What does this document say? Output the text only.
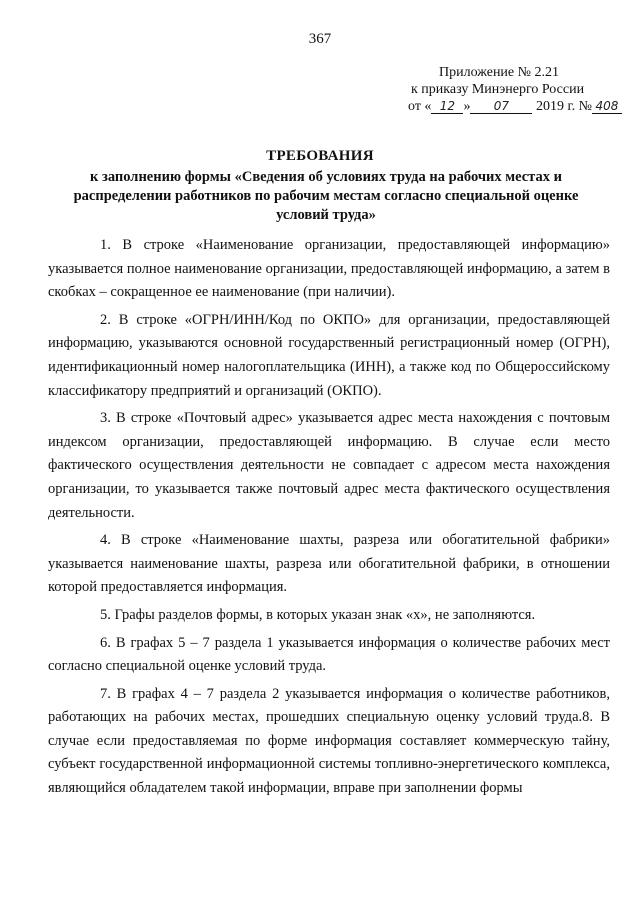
367
Приложение № 2.21
к приказу Минэнерго России
от « 12 » 07 2019 г. № 408
ТРЕБОВАНИЯ
к заполнению формы «Сведения об условиях труда на рабочих местах и распределении работников по рабочим местам согласно специальной оценке условий труда»

1. В строке «Наименование организации, предоставляющей информацию» указывается полное наименование организации, предоставляющей информацию, а затем в скобках – сокращенное ее наименование (при наличии).

2. В строке «ОГРН/ИНН/Код по ОКПО» для организации, предоставляющей информацию, указываются основной государственный регистрационный номер (ОГРН), идентификационный номер налогоплательщика (ИНН), а также код по Общероссийскому классификатору предприятий и организаций (ОКПО).

3. В строке «Почтовый адрес» указывается адрес места нахождения с почтовым индексом организации, предоставляющей информацию. В случае если место фактического осуществления деятельности не совпадает с адресом места нахождения организации, то указывается также почтовый адрес места фактического осуществления деятельности.

4. В строке «Наименование шахты, разреза или обогатительной фабрики» указывается наименование шахты, разреза или обогатительной фабрики, в отношении которой предоставляется информация.

5. Графы разделов формы, в которых указан знак «х», не заполняются.

6. В графах 5 – 7 раздела 1 указывается информация о количестве рабочих мест согласно специальной оценке условий труда.

7. В графах 4 – 7 раздела 2 указывается информация о количестве работников, работающих на рабочих местах, прошедших специальную оценку условий труда.8. В случае если предоставляемая по форме информация составляет коммерческую тайну, субъект государственной информационной системы топливно-энергетического комплекса, являющийся обладателем такой информации, вправе при заполнении формы
